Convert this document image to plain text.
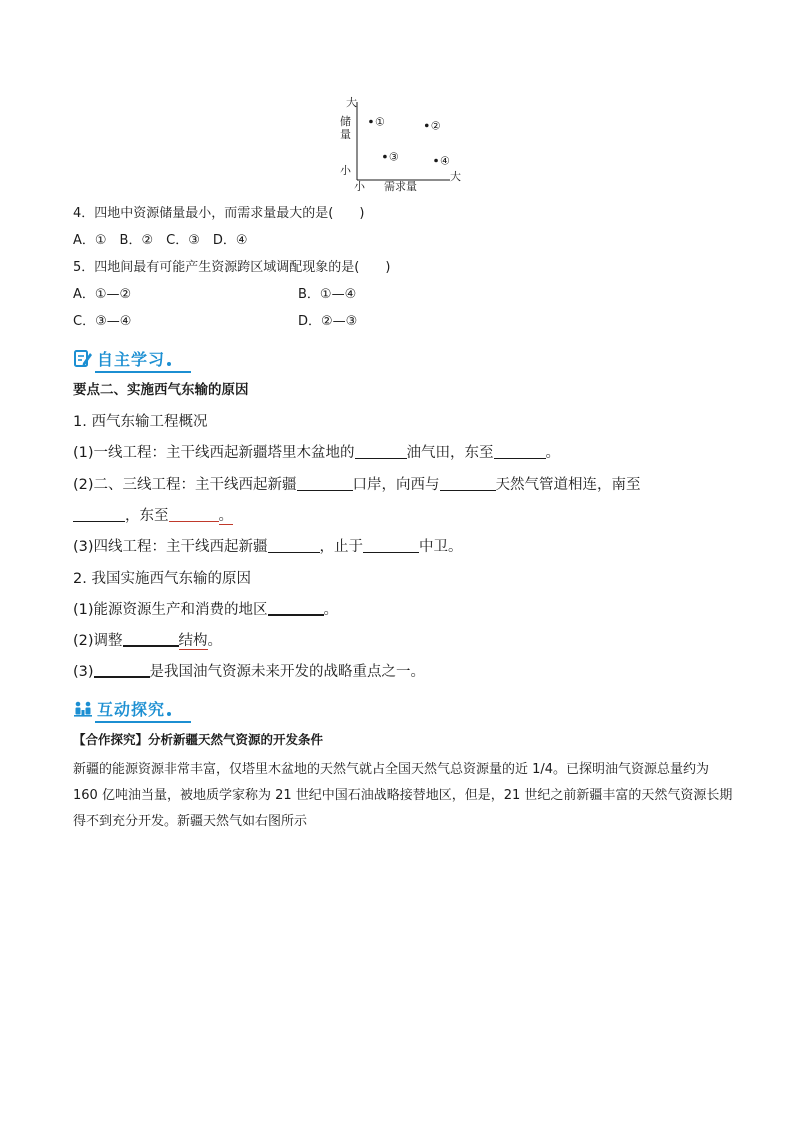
大
储
量
小
小 需求量
大
①	②
③	④
4．四地中资源储量最小，而需求量最大的是(　　)
A．①　B．②　C．③　D．④
5．四地间最有可能产生资源跨区域调配现象的是(　　)
A．①—②	B．①—④
C．③—④	D．②—③
自主学习
要点二、实施西气东输的原因
1. 西气东输工程概况
(1)一线工程：主干线西起新疆塔里木盆地的	油气田，东至	。
(2)二、三线工程：主干线西起新疆	口岸，向西与	天然气管道相连，南至
，东至	。
(3)四线工程：主干线西起新疆	，止于	中卫。
2. 我国实施西气东输的原因
(1)能源资源生产和消费的地区	。
(2)调整	结构。
(3)	是我国油气资源未来开发的战略重点之一。
互动探究
【合作探究】分析新疆天然气资源的开发条件
新疆的能源资源非常丰富，仅塔里木盆地的天然气就占全国天然气总资源量的近 1/4。已探明油气资源总量约为 160 亿吨油当量，被地质学家称为 21 世纪中国石油战略接替地区，但是，21 世纪之前新疆丰富的天然气资源长期得不到充分开发。新疆天然气如右图所示
